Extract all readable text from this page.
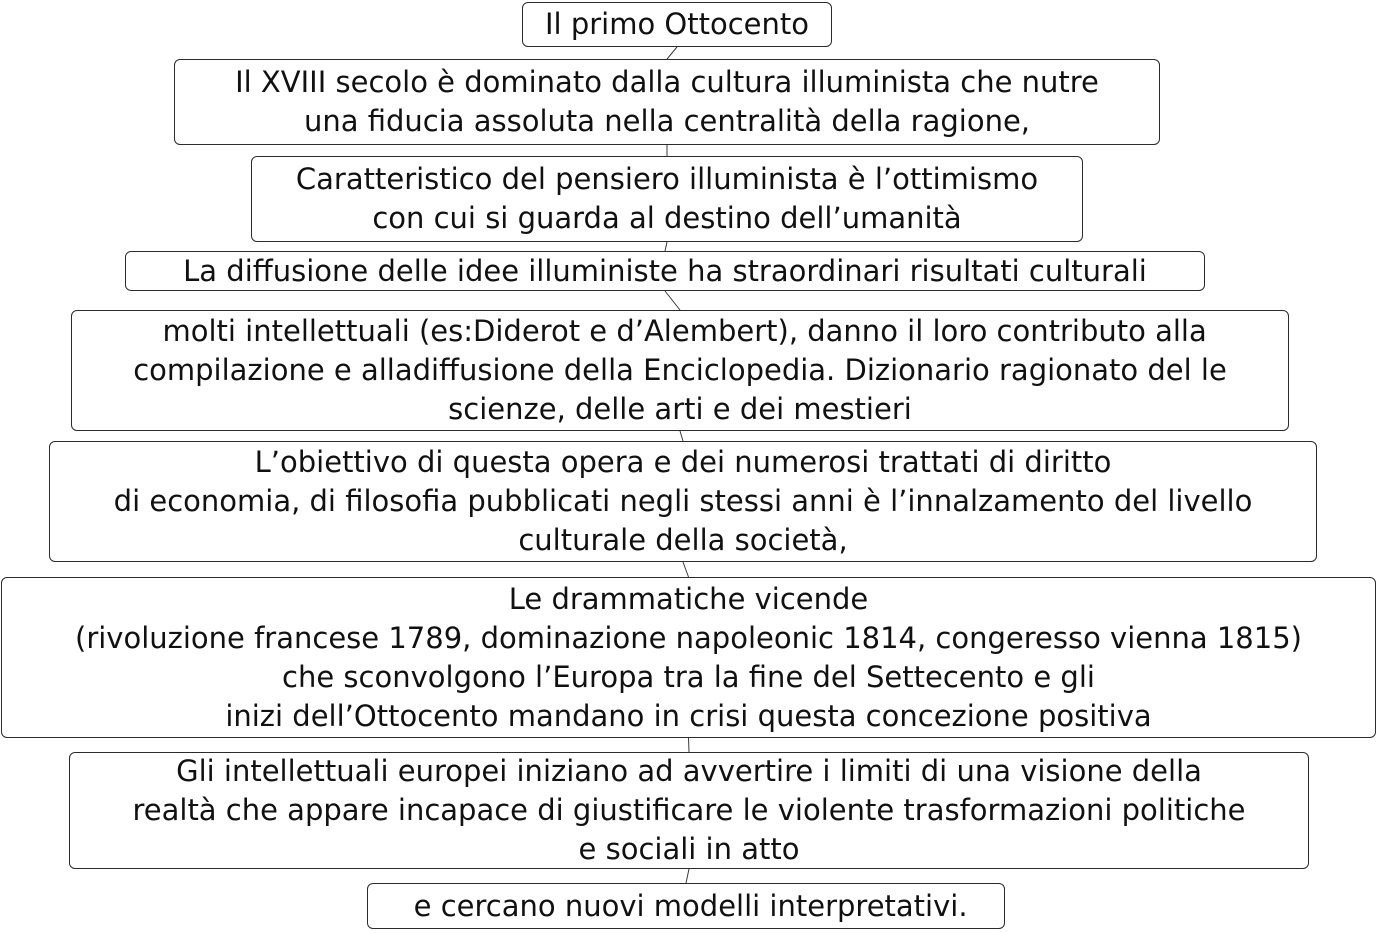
Il primo Ottocento
Il XVIII secolo è dominato dalla cultura illuminista che nutre
una fiducia assoluta nella centralità della ragione,
Caratteristico del pensiero illuminista è l’ottimismo
con cui si guarda al destino dell’umanità
La diffusione delle idee illuministe ha straordinari risultati culturali
molti intellettuali (es:Diderot e d’Alembert), danno il loro contributo alla
compilazione e alladiffusione della Enciclopedia. Dizionario ragionato del le
scienze, delle arti e dei mestieri
L’obiettivo di questa opera e dei numerosi trattati di diritto
di economia, di filosofia pubblicati negli stessi anni è l’innalzamento del livello
culturale della società,
Le drammatiche vicende
(rivoluzione francese 1789, dominazione napoleonic 1814, congeresso vienna 1815)
che sconvolgono l’Europa tra la fine del Settecento e gli
inizi dell’Ottocento mandano in crisi questa concezione positiva
Gli intellettuali europei iniziano ad avvertire i limiti di una visione della
realtà che appare incapace di giustificare le violente trasformazioni politiche
e sociali in atto
e cercano nuovi modelli interpretativi.
